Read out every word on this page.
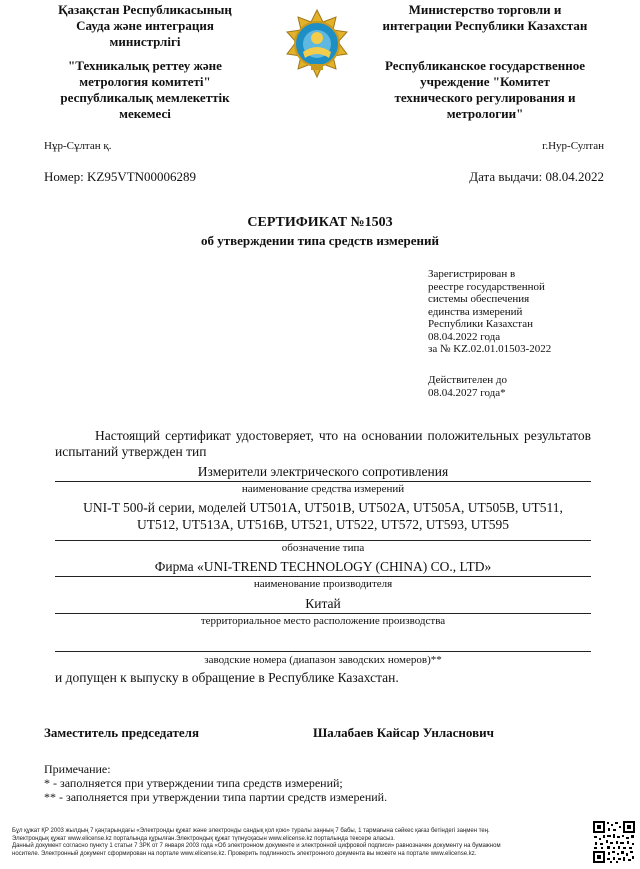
Қазақстан Республикасының
Сауда және интеграция
министрлігі
"Техникалық реттеу және
метрология комитеті"
республикалық мемлекеттік
мекемесі
Министерство торговли и
интеграции Республики Казахстан
Республиканское государственное
учреждение "Комитет
технического регулирования и
метрологии"
Нұр-Сұлтан қ.	г.Нур-Султан
Номер: KZ95VTN00006289	Дата выдачи: 08.04.2022
СЕРТИФИКАТ №1503
об утверждении типа средств измерений
Зарегистрирован в
реестре государственной
системы обеспечения
единства измерений
Республики Казахстан
08.04.2022 года
за № KZ.02.01.01503-2022
Действителен до
08.04.2027 года*
Настоящий сертификат удостоверяет, что на основании положительных результатов испытаний утвержден тип
Измерители электрического сопротивления
наименование средства измерений
UNI-T 500-й серии, моделей UT501A, UT501B, UT502A, UT505A, UT505B, UT511,
UT512, UT513A, UT516B, UT521, UT522, UT572, UT593, UT595
обозначение типа
Фирма «UNI-TREND TECHNOLOGY (CHINA) CO., LTD»
наименование производителя
Китай
территориальное место расположение производства
заводские номера (диапазон заводских номеров)**
и допущен к выпуску в обращение в Республике Казахстан.
Заместитель председателя	Шалабаев Кайсар Унласнович
Примечание:
* - заполняется при утверждении типа средств измерений;
** - заполняется при утверждении типа партии средств измерений.
Бұл құжат ҚР 2003 жылдың 7 қаңтарындағы «Электронды құжат және электронды сандық қол қою» туралы заңның 7 бабы, 1 тармағына сәйкес қағаз бетіндегі заңмен тең.
Электрондық құжат www.elicense.kz порталында құрылған.Электрондық құжат түпнұсқасын www.elicense.kz порталында тексере аласыз.
Данный документ согласно пункту 1 статьи 7 ЗРК от 7 января 2003 года «Об электронном документе и электронной цифровой подписи» равнозначен документу на бумажном
носителе. Электронный документ сформирован на портале www.elicense.kz. Проверить подлинность электронного документа вы можете на портале www.elicense.kz.
